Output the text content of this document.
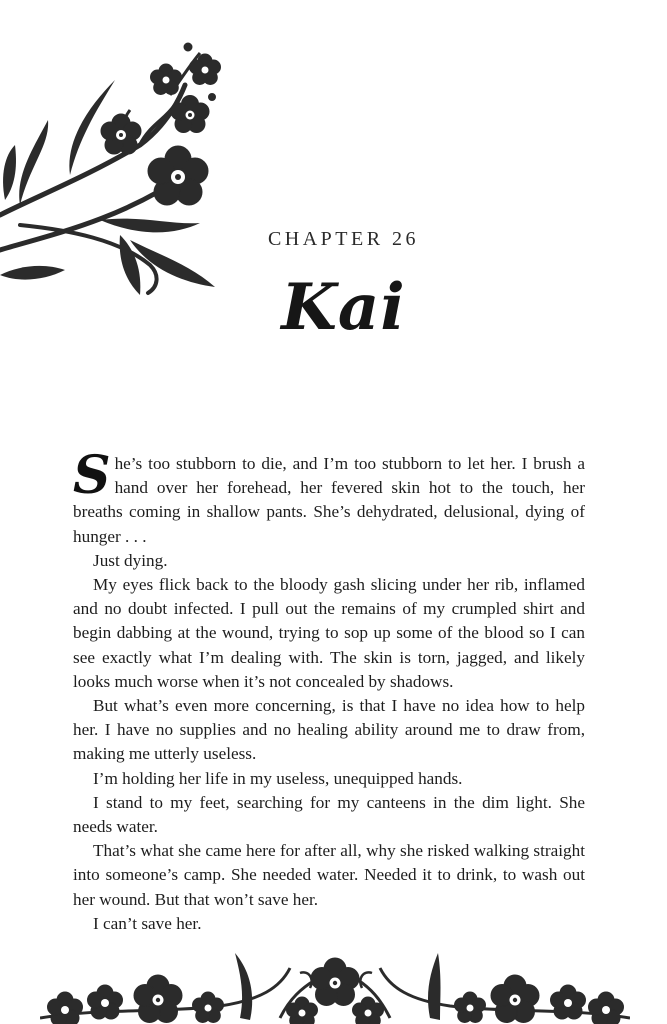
CHAPTER 26
Kai

She’s too stubborn to die, and I’m too stubborn to let her. I brush a hand over her forehead, her fevered skin hot to the touch, her breaths coming in shallow pants. She’s dehydrated, delusional, dying of hunger . . .

Just dying.

My eyes flick back to the bloody gash slicing under her rib, inflamed and no doubt infected. I pull out the remains of my crumpled shirt and begin dabbing at the wound, trying to sop up some of the blood so I can see exactly what I’m dealing with. The skin is torn, jagged, and likely looks much worse when it’s not concealed by shadows.

But what’s even more concerning, is that I have no idea how to help her. I have no supplies and no healing ability around me to draw from, making me utterly useless.

I’m holding her life in my useless, unequipped hands.

I stand to my feet, searching for my canteens in the dim light. She needs water.

That’s what she came here for after all, why she risked walking straight into someone’s camp. She needed water. Needed it to drink, to wash out her wound. But that won’t save her.

I can’t save her.
